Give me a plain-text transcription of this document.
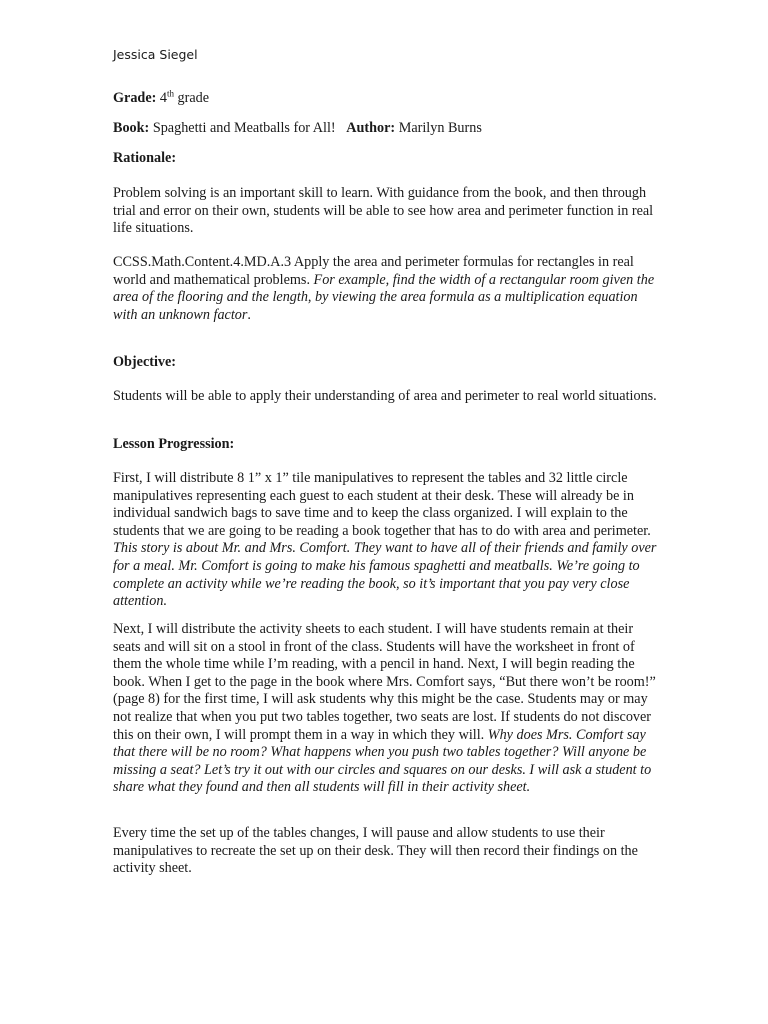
Jessica Siegel

Grade: 4th grade

Book: Spaghetti and Meatballs for All! Author: Marilyn Burns

Rationale:

Problem solving is an important skill to learn. With guidance from the book, and then through trial and error on their own, students will be able to see how area and perimeter function in real life situations.

CCSS.Math.Content.4.MD.A.3 Apply the area and perimeter formulas for rectangles in real world and mathematical problems. For example, find the width of a rectangular room given the area of the flooring and the length, by viewing the area formula as a multiplication equation with an unknown factor.

Objective:

Students will be able to apply their understanding of area and perimeter to real world situations.

Lesson Progression:

First, I will distribute 8 1” x 1” tile manipulatives to represent the tables and 32 little circle manipulatives representing each guest to each student at their desk. These will already be in individual sandwich bags to save time and to keep the class organized. I will explain to the students that we are going to be reading a book together that has to do with area and perimeter. This story is about Mr. and Mrs. Comfort. They want to have all of their friends and family over for a meal. Mr. Comfort is going to make his famous spaghetti and meatballs. We’re going to complete an activity while we’re reading the book, so it’s important that you pay very close attention.

Next, I will distribute the activity sheets to each student. I will have students remain at their seats and will sit on a stool in front of the class. Students will have the worksheet in front of them the whole time while I’m reading, with a pencil in hand. Next, I will begin reading the book. When I get to the page in the book where Mrs. Comfort says, “But there won’t be room!” (page 8) for the first time, I will ask students why this might be the case. Students may or may not realize that when you put two tables together, two seats are lost. If students do not discover this on their own, I will prompt them in a way in which they will. Why does Mrs. Comfort say that there will be no room? What happens when you push two tables together? Will anyone be missing a seat? Let’s try it out with our circles and squares on our desks. I will ask a student to share what they found and then all students will fill in their activity sheet.

Every time the set up of the tables changes, I will pause and allow students to use their manipulatives to recreate the set up on their desk. They will then record their findings on the activity sheet.
